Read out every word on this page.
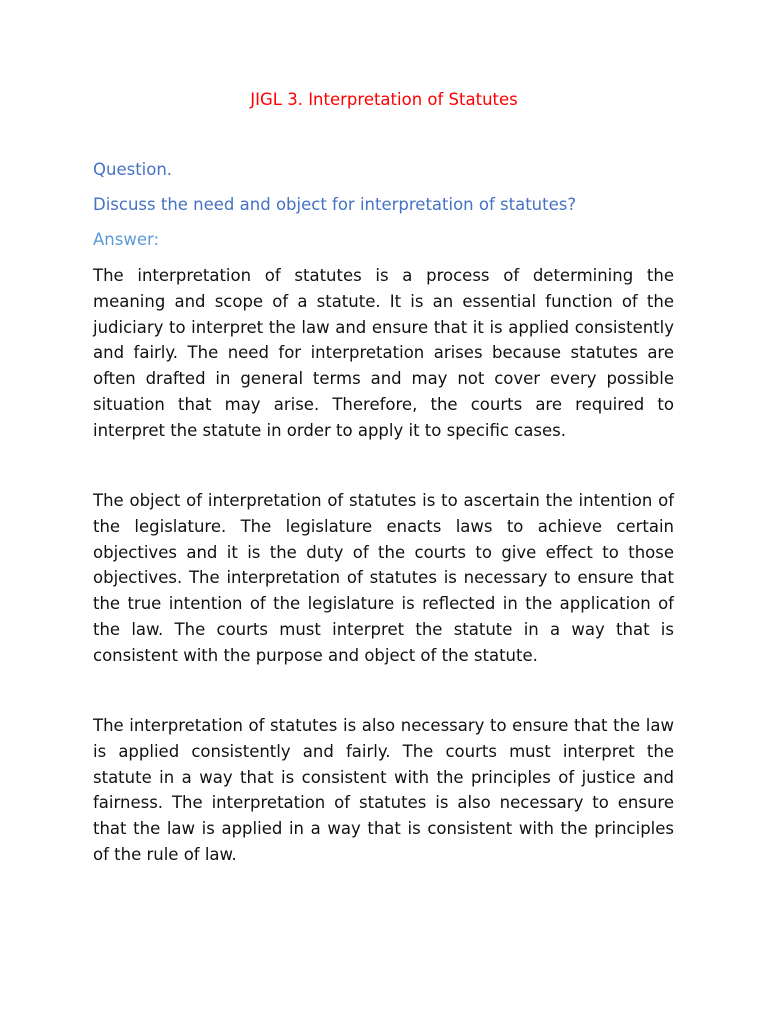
JIGL 3. Interpretation of Statutes
Question.
Discuss the need and object for interpretation of statutes?
Answer:

The interpretation of statutes is a process of determining the meaning and scope of a statute. It is an essential function of the judiciary to interpret the law and ensure that it is applied consistently and fairly. The need for interpretation arises because statutes are often drafted in general terms and may not cover every possible situation that may arise. Therefore, the courts are required to interpret the statute in order to apply it to specific cases.

The object of interpretation of statutes is to ascertain the intention of the legislature. The legislature enacts laws to achieve certain objectives and it is the duty of the courts to give effect to those objectives. The interpretation of statutes is necessary to ensure that the true intention of the legislature is reflected in the application of the law. The courts must interpret the statute in a way that is consistent with the purpose and object of the statute.

The interpretation of statutes is also necessary to ensure that the law is applied consistently and fairly. The courts must interpret the statute in a way that is consistent with the principles of justice and fairness. The interpretation of statutes is also necessary to ensure that the law is applied in a way that is consistent with the principles of the rule of law.
